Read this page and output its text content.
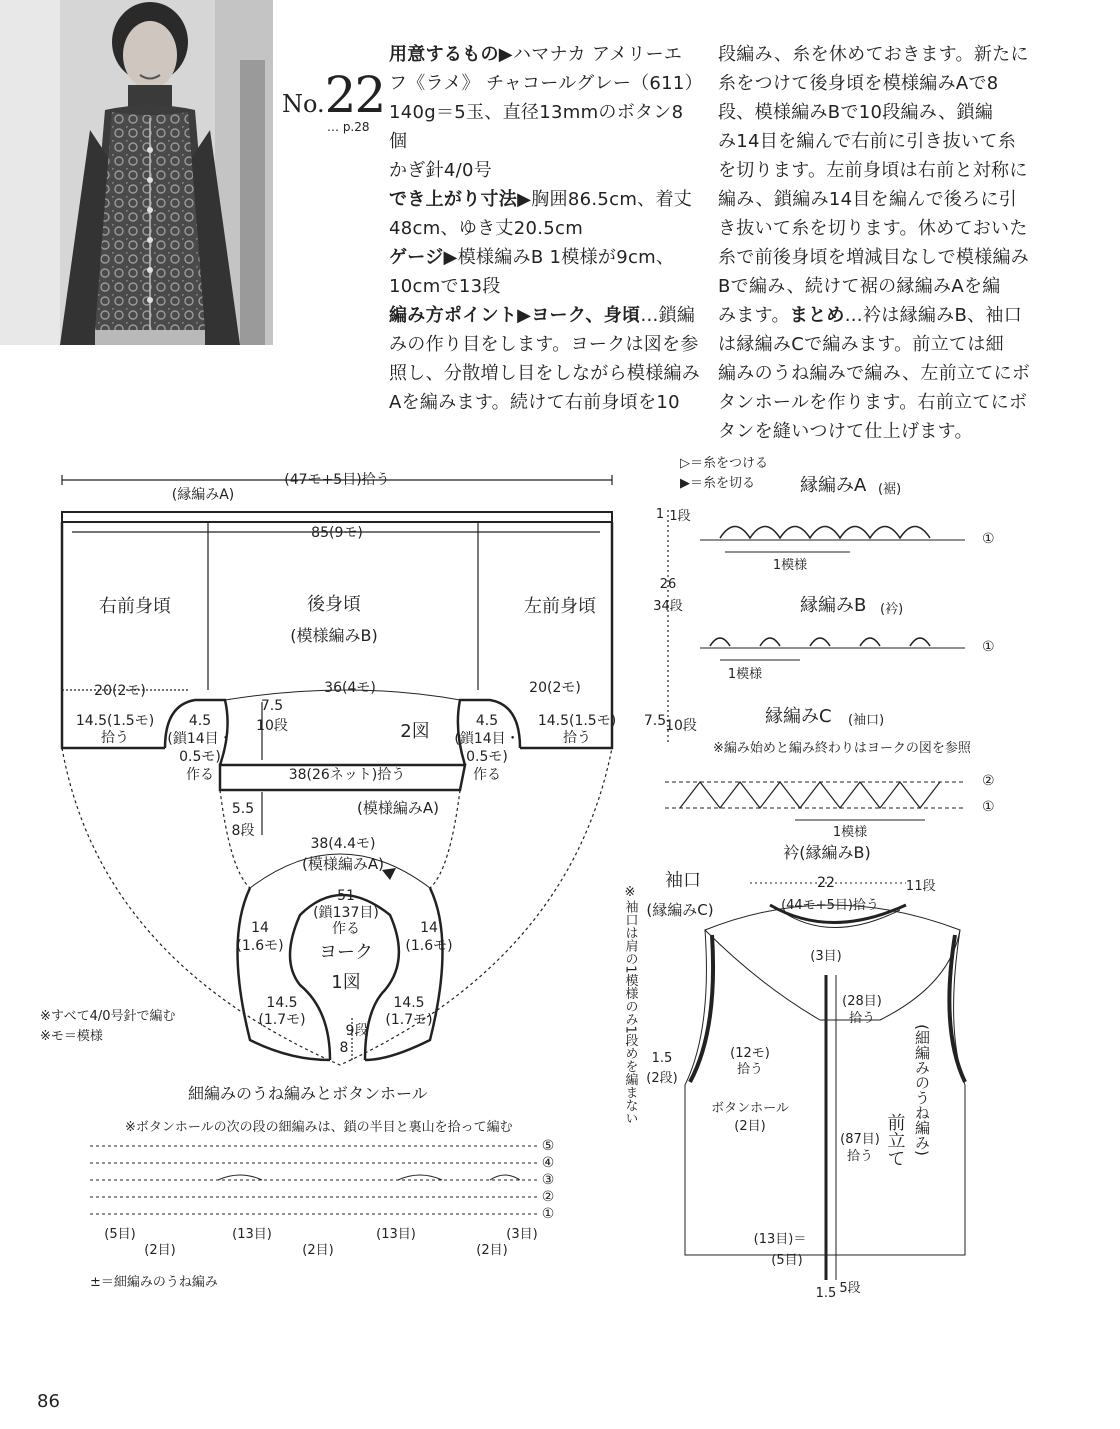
No.22
… p.28

用意するもの▶ハマナカ アメリーエ

フ《ラメ》 チャコールグレー（611）

140g＝5玉、直径13mmのボタン8

個

かぎ針4/0号

でき上がり寸法▶胸囲86.5cm、着丈

48cm、ゆき丈20.5cm

ゲージ▶模様編みB 1模様が9cm、

10cmで13段

編み方ポイント▶ヨーク、身頃…鎖編

みの作り目をします。ヨークは図を参

照し、分散増し目をしながら模様編み

Aを編みます。続けて右前身頃を10

段編み、糸を休めておきます。新たに

糸をつけて後身頃を模様編みAで8

段、模様編みBで10段編み、鎖編

み14目を編んで右前に引き抜いて糸

を切ります。左前身頃は右前と対称に

編み、鎖編み14目を編んで後ろに引

き抜いて糸を切ります。休めておいた

糸で前後身頃を増減目なしで模様編み

Bで編み、続けて裾の縁編みAを編

みます。まとめ…衿は縁編みB、袖口

は縁編みCで編みます。前立ては細

編みのうね編みで編み、左前立てにボ

タンホールを作ります。右前立てにボ

タンを縫いつけて仕上げます。

(47モ+5目)拾う
(縁編みA)
85(9モ)
右前身頃	後身頃
(模様編みB)
左前身頃
20(2モ)	20(2モ)
36(4モ)
7.5
10段
14.5(1.5モ)
拾う
14.5(1.5モ)
拾う
7.5
10段
2図
4.5
(鎖14目・
0.5モ)
作る
4.5
(鎖14目・
0.5モ)
作る
38(26ネット)拾う
5.5
8段
(模様編みA)
38(4.4モ)
(模様編みA)
51
(鎖137目)
作る
ヨーク
1図
14
(1.6モ)
14
(1.6モ)
14.5
(1.7モ)
14.5
(1.7モ)
8
9段
※すべて4/0号針で編む
※モ＝模様
1 1段
26
34段
▷＝糸をつける
▶＝糸を切る	縁編みA (裾)
1模様
①
縁編みB (衿)
1模様
①
縁編みC (袖口)
※編み始めと編み終わりはヨークの図を参照
1模様
②
①
衿(縁編みB)
22	1 1段
(44モ+5目)拾う
(3目)
(28目)
拾う
袖口
(縁編みC)
(12モ)
拾う
1.5
(2段)
ボタンホール
(2目)
(87目)
拾う
(13目)＝
(5目)
1.5 5段
前立て (細編みのうね編み)
※袖口は肩の1模様のみ1段めを編まない
細編みのうね編みとボタンホール
※ボタンホールの次の段の細編みは、鎖の半目と裏山を拾って編む
⑤
④
③
②
①
(5目)
(2目)
(13目)
(2目)
(13目)
(2目)
(3目)
±＝細編みのうね編み
86
